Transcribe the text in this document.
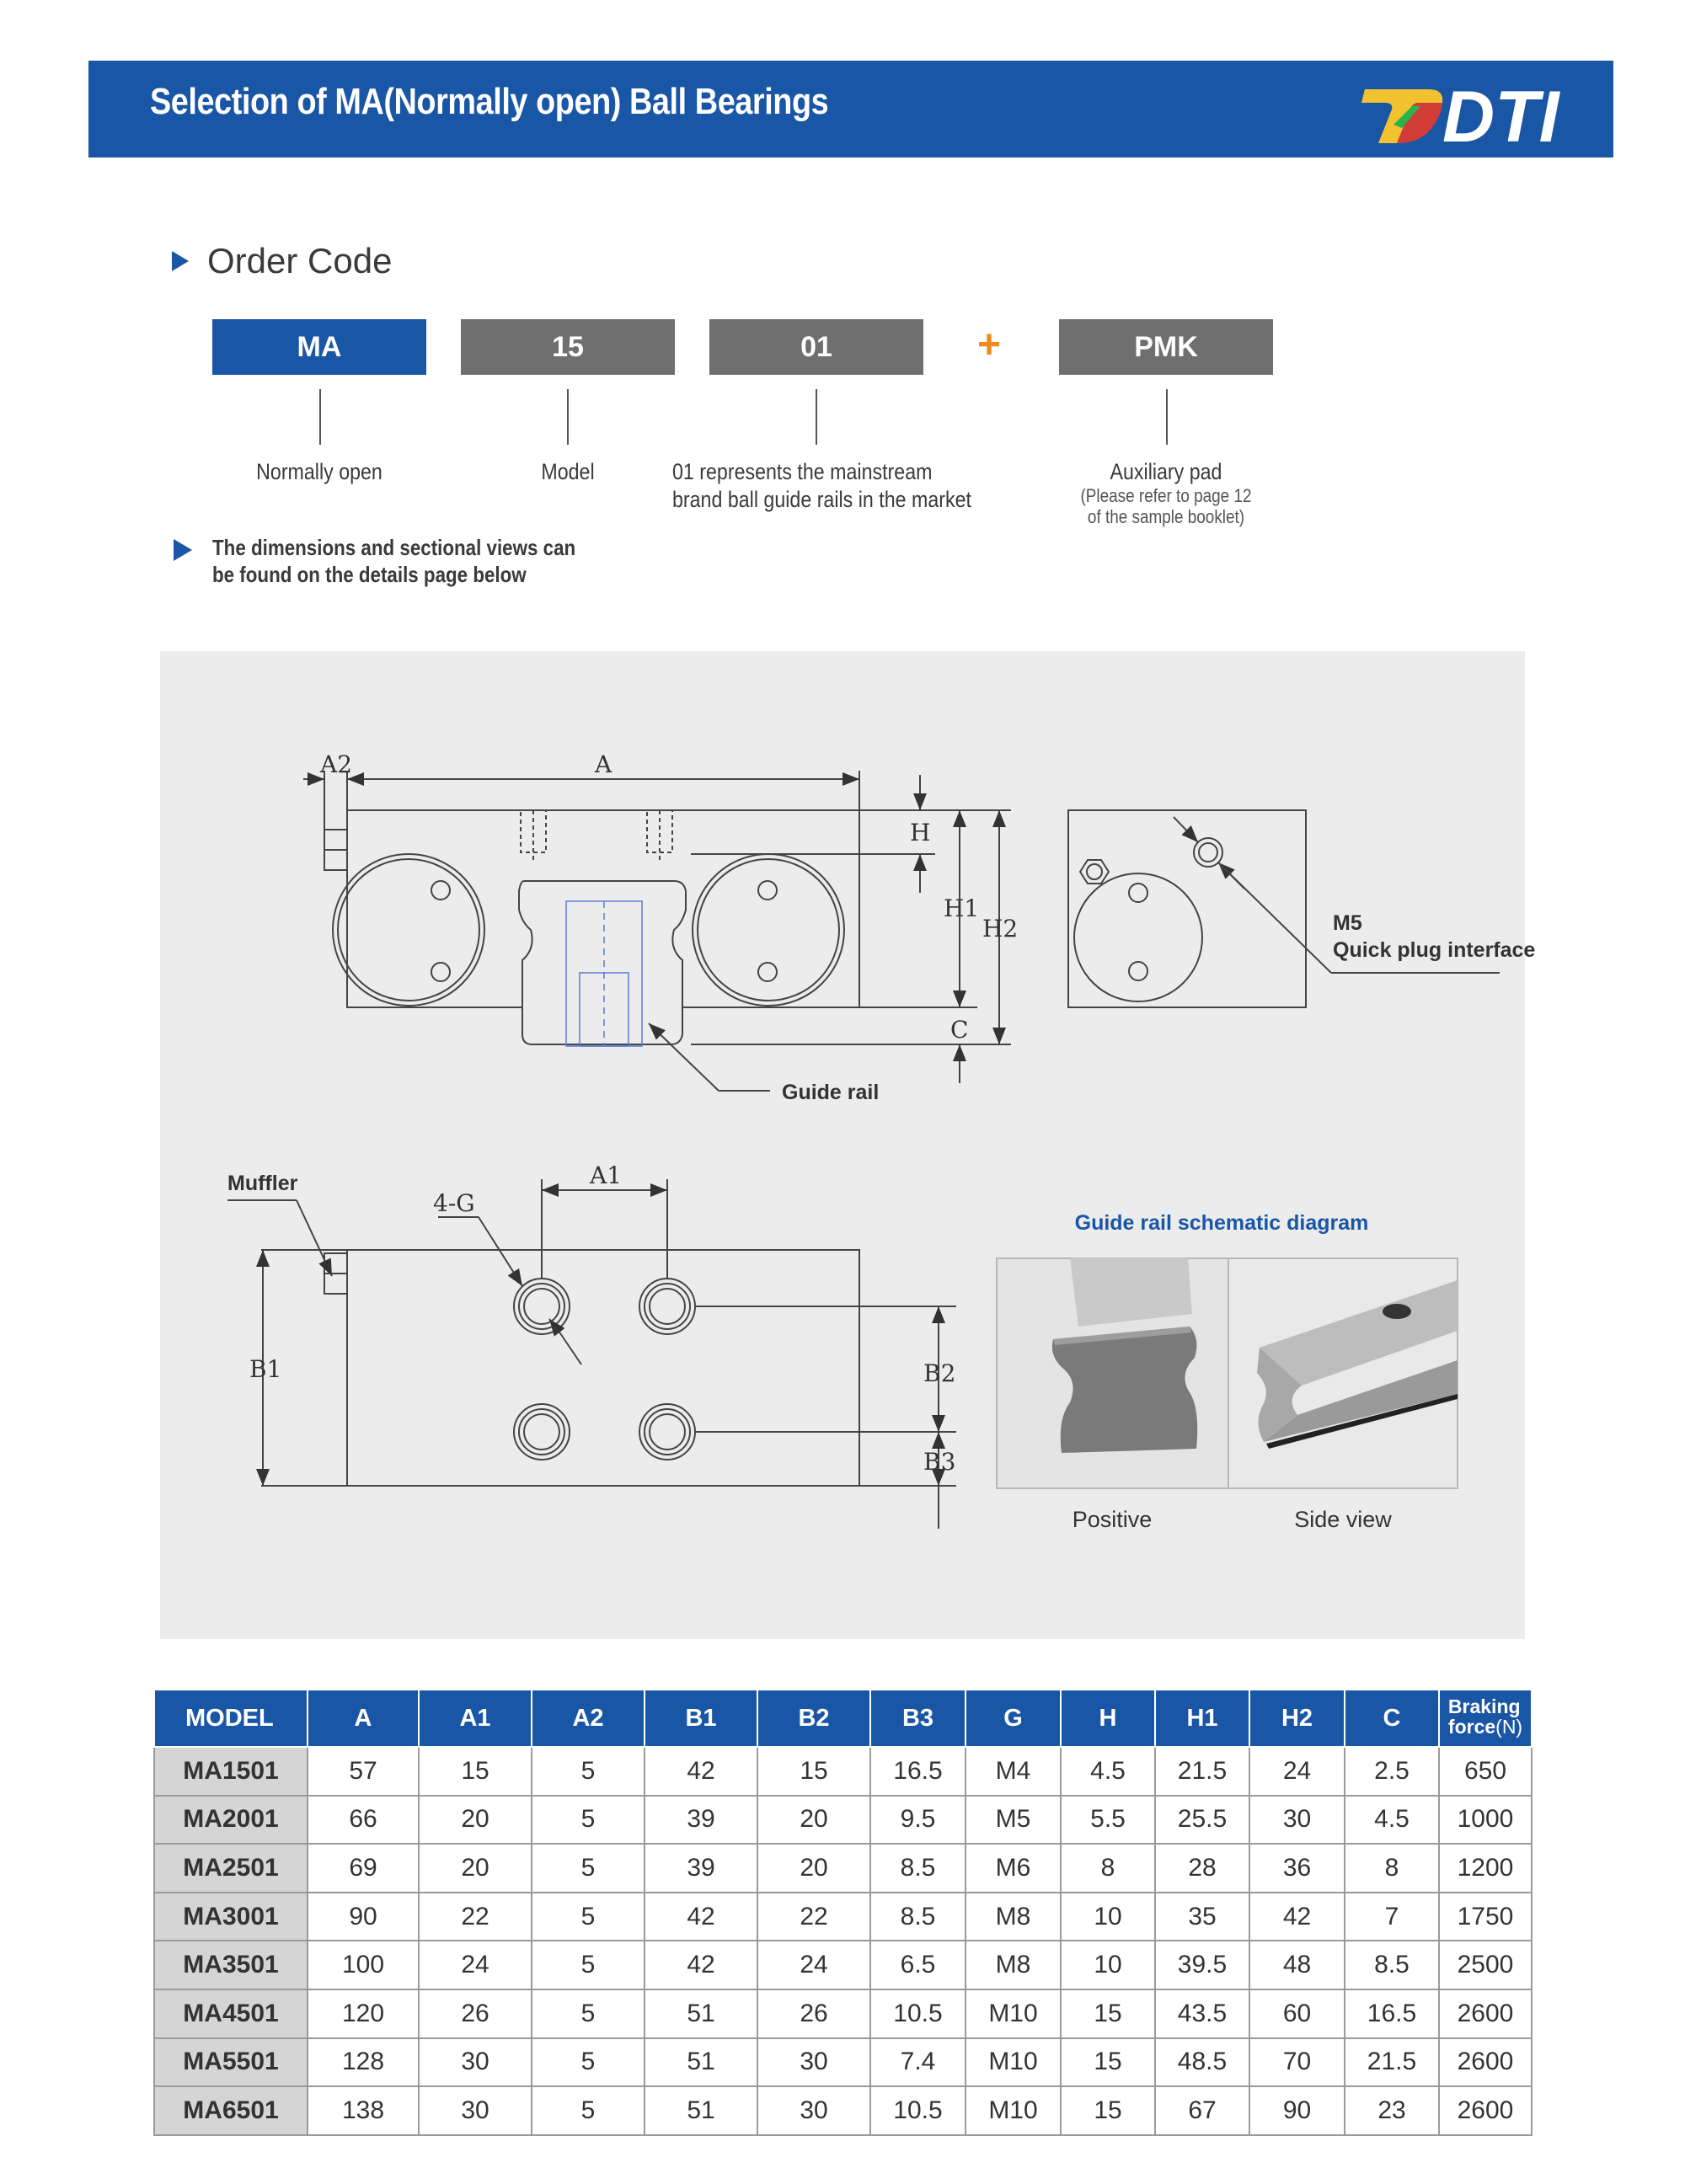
Selection of MA(Normally open) Ball Bearings	DTI
Order Code
MA	15	01	+	PMK
Normally open	Model	01 represents the mainstream
brand ball guide rails in the market
Auxiliary pad
(Please refer to page 12
of the sample booklet)
The dimensions and sectional views can
be found on the details page below
A2	A
H
H1
H2
C
4-G
A1
B1	B2
B3
M5
Quick plug interface
Guide rail
Muffler
Guide rail schematic diagram
Positive	Side view
MODEL	A	A1	A2	B1	B2	B3	G	H	H1	H2	C	Braking
force(N)
MA1501	57	15	5	42	15	16.5	M4	4.5	21.5	24	2.5	650
MA2001	66	20	5	39	20	9.5	M5	5.5	25.5	30	4.5	1000
MA2501	69	20	5	39	20	8.5	M6	8	28	36	8	1200
MA3001	90	22	5	42	22	8.5	M8	10	35	42	7	1750
MA3501	100	24	5	42	24	6.5	M8	10	39.5	48	8.5	2500
MA4501	120	26	5	51	26	10.5	M10	15	43.5	60	16.5	2600
MA5501	128	30	5	51	30	7.4	M10	15	48.5	70	21.5	2600
MA6501	138	30	5	51	30	10.5	M10	15	67	90	23	2600
